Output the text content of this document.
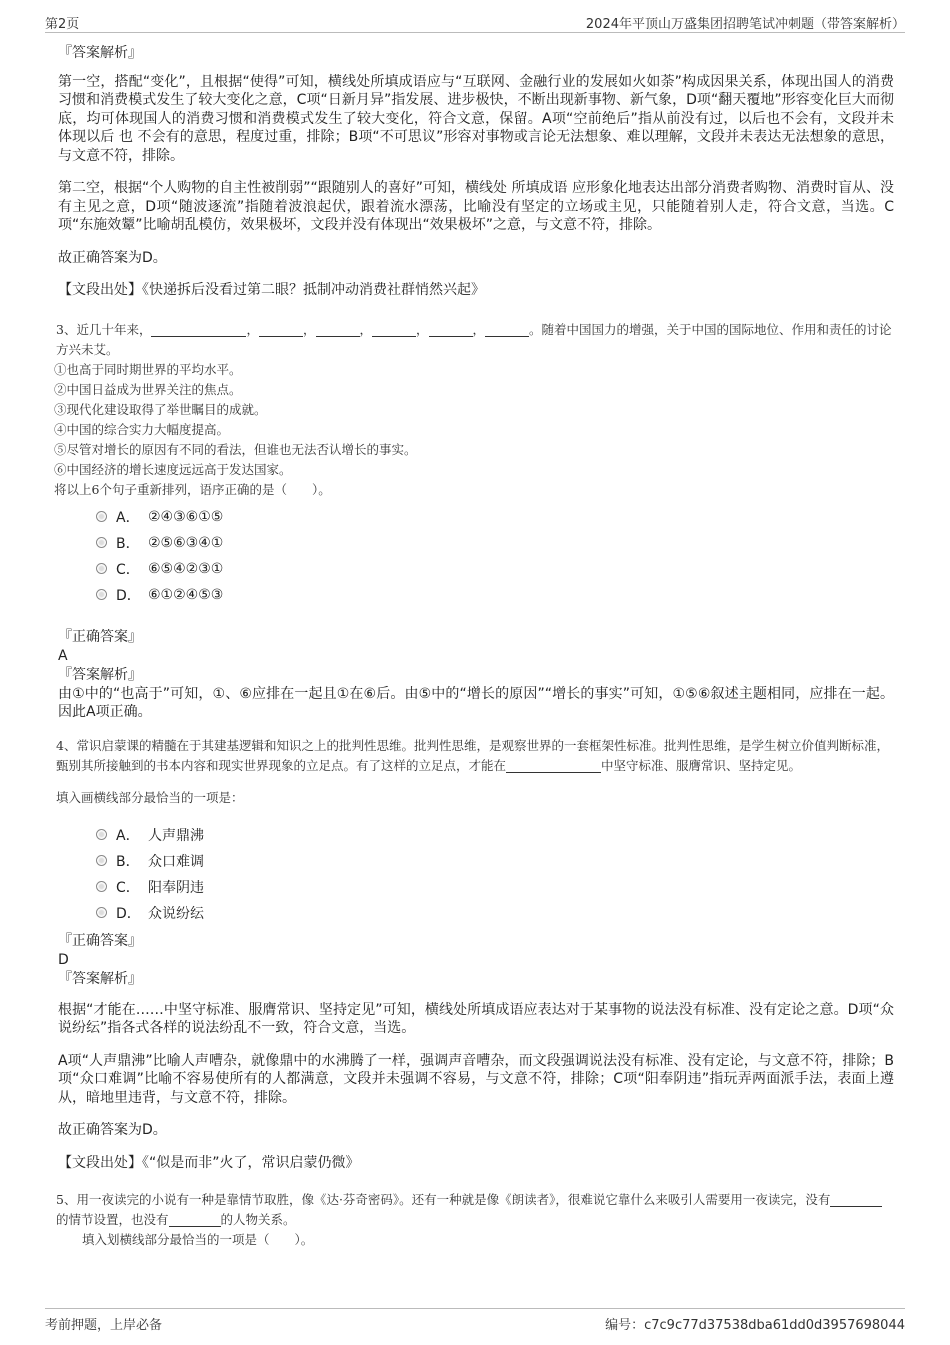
第2页	2024年平顶山万盛集团招聘笔试冲刺题（带答案解析）

『答案解析』

第一空，搭配“变化”，且根据“使得”可知，横线处所填成语应与“互联网、金融行业的发展如火如荼”构成因果关系，体现出国人的消费习惯和消费模式发生了较大变化之意，C项“日新月异”指发展、进步极快，不断出现新事物、新气象，D项“翻天覆地”形容变化巨大而彻底，均可体现国人的消费习惯和消费模式发生了较大变化，符合文意，保留。A项“空前绝后”指从前没有过，以后也不会有，文段并未体现以后 也 不会有的意思，程度过重，排除；B项“不可思议”形容对事物或言论无法想象、难以理解，文段并未表达无法想象的意思，与文意不符，排除。

第二空，根据“个人购物的自主性被削弱”“跟随别人的喜好”可知，横线处 所填成语 应形象化地表达出部分消费者购物、消费时盲从、没有主见之意，D项“随波逐流”指随着波浪起伏，跟着流水漂荡，比喻没有坚定的立场或主见，只能随着别人走，符合文意，当选。C项“东施效颦”比喻胡乱模仿，效果极坏，文段并没有体现出“效果极坏”之意，与文意不符，排除。

故正确答案为D。

【文段出处】《快递拆后没看过第二眼？抵制冲动消费社群悄然兴起》

3、近几十年来，	，	，	，	，	，	。随着中国国力的增强，关于中国的国际地位、作用和责任的讨论方兴未艾。

①也高于同时期世界的平均水平。

②中国日益成为世界关注的焦点。

③现代化建设取得了举世瞩目的成就。

④中国的综合实力大幅度提高。

⑤尽管对增长的原因有不同的看法，但谁也无法否认增长的事实。

⑥中国经济的增长速度远远高于发达国家。

将以上6个句子重新排列，语序正确的是（　　）。

A． ②④③⑥①⑤
B． ②⑤⑥③④①
C． ⑥⑤④②③①
D． ⑥①②④⑤③

『正确答案』

A

『答案解析』

由①中的“也高于”可知，①、⑥应排在一起且①在⑥后。由⑤中的“增长的原因”“增长的事实”可知，①⑤⑥叙述主题相同，应排在一起。因此A项正确。

4、常识启蒙课的精髓在于其建基逻辑和知识之上的批判性思维。批判性思维，是观察世界的一套框架性标准。批判性思维，是学生树立价值判断标准，甄别其所接触到的书本内容和现实世界现象的立足点。有了这样的立足点，才能在	中坚守标准、服膺常识、坚持定见。

填入画横线部分最恰当的一项是：

A． 人声鼎沸
B． 众口难调
C． 阳奉阴违
D． 众说纷纭

『正确答案』

D

『答案解析』

根据“才能在……中坚守标准、服膺常识、坚持定见”可知，横线处所填成语应表达对于某事物的说法没有标准、没有定论之意。D项“众说纷纭”指各式各样的说法纷乱不一致，符合文意，当选。

A项“人声鼎沸”比喻人声嘈杂，就像鼎中的水沸腾了一样，强调声音嘈杂，而文段强调说法没有标准、没有定论，与文意不符，排除；B项“众口难调”比喻不容易使所有的人都满意，文段并未强调不容易，与文意不符，排除；C项“阳奉阴违”指玩弄两面派手法，表面上遵从，暗地里违背，与文意不符，排除。

故正确答案为D。

【文段出处】《“似是而非”火了，常识启蒙仍微》

5、用一夜读完的小说有一种是靠情节取胜，像《达·芬奇密码》。还有一种就是像《朗读者》，很难说它靠什么来吸引人需要用一夜读完，没有的情节设置，也没有	的人物关系。

填入划横线部分最恰当的一项是（　　）。

考前押题，上岸必备	编号：c7c9c77d37538dba61dd0d3957698044
